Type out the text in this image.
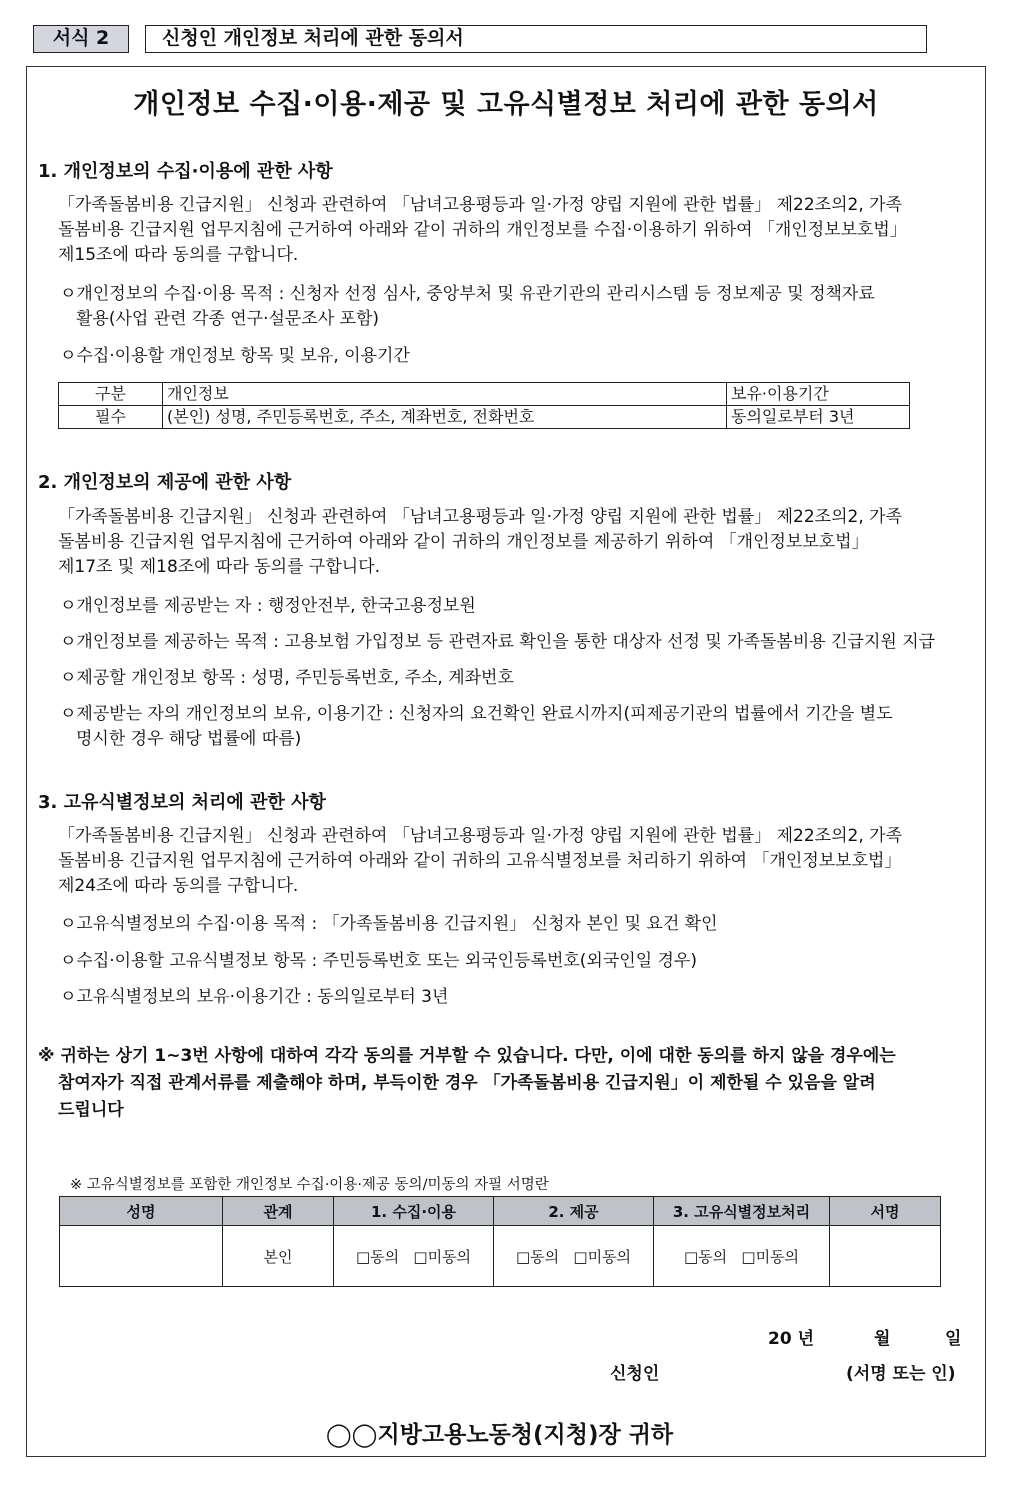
서식 2	신청인 개인정보 처리에 관한 동의서
개인정보 수집·이용·제공 및 고유식별정보 처리에 관한 동의서
1. 개인정보의 수집·이용에 관한 사항
「가족돌봄비용 긴급지원」 신청과 관련하여 「남녀고용평등과 일·가정 양립 지원에 관한 법률」 제22조의2, 가족
돌봄비용 긴급지원 업무지침에 근거하여 아래와 같이 귀하의 개인정보를 수집·이용하기 위하여 「개인정보보호법」
제15조에 따라 동의를 구합니다.
ㅇ개인정보의 수집·이용 목적 : 신청자 선정 심사, 중앙부처 및 유관기관의 관리시스템 등 정보제공 및 정책자료
활용(사업 관련 각종 연구·설문조사 포함)
ㅇ수집·이용할 개인정보 항목 및 보유, 이용기간
구분	개인정보	보유·이용기간
필수	(본인) 성명, 주민등록번호, 주소, 계좌번호, 전화번호	동의일로부터 3년
2. 개인정보의 제공에 관한 사항
「가족돌봄비용 긴급지원」 신청과 관련하여 「남녀고용평등과 일·가정 양립 지원에 관한 법률」 제22조의2, 가족
돌봄비용 긴급지원 업무지침에 근거하여 아래와 같이 귀하의 개인정보를 제공하기 위하여 「개인정보보호법」
제17조 및 제18조에 따라 동의를 구합니다.
ㅇ개인정보를 제공받는 자 : 행정안전부, 한국고용정보원
ㅇ개인정보를 제공하는 목적 : 고용보험 가입정보 등 관련자료 확인을 통한 대상자 선정 및 가족돌봄비용 긴급지원 지급
ㅇ제공할 개인정보 항목 : 성명, 주민등록번호, 주소, 계좌번호
ㅇ제공받는 자의 개인정보의 보유, 이용기간 : 신청자의 요건확인 완료시까지(피제공기관의 법률에서 기간을 별도
명시한 경우 해당 법률에 따름)
3. 고유식별정보의 처리에 관한 사항
「가족돌봄비용 긴급지원」 신청과 관련하여 「남녀고용평등과 일·가정 양립 지원에 관한 법률」 제22조의2, 가족
돌봄비용 긴급지원 업무지침에 근거하여 아래와 같이 귀하의 고유식별정보를 처리하기 위하여 「개인정보보호법」
제24조에 따라 동의를 구합니다.
ㅇ고유식별정보의 수집·이용 목적 : 「가족돌봄비용 긴급지원」 신청자 본인 및 요건 확인
ㅇ수집·이용할 고유식별정보 항목 : 주민등록번호 또는 외국인등록번호(외국인일 경우)
ㅇ고유식별정보의 보유·이용기간 : 동의일로부터 3년
※ 귀하는 상기 1~3번 사항에 대하여 각각 동의를 거부할 수 있습니다. 다만, 이에 대한 동의를 하지 않을 경우에는
참여자가 직접 관계서류를 제출해야 하며, 부득이한 경우 「가족돌봄비용 긴급지원」이 제한될 수 있음을 알려
드립니다
※ 고유식별정보를 포함한 개인정보 수집·이용·제공 동의/미동의 자필 서명란
성명	관계	1. 수집·이용	2. 제공	3. 고유식별정보처리	서명
	본인	□동의 □미동의	□동의 □미동의	□동의 □미동의	
20 년	월	일
신청인	(서명 또는 인)
◯◯지방고용노동청(지청)장 귀하
